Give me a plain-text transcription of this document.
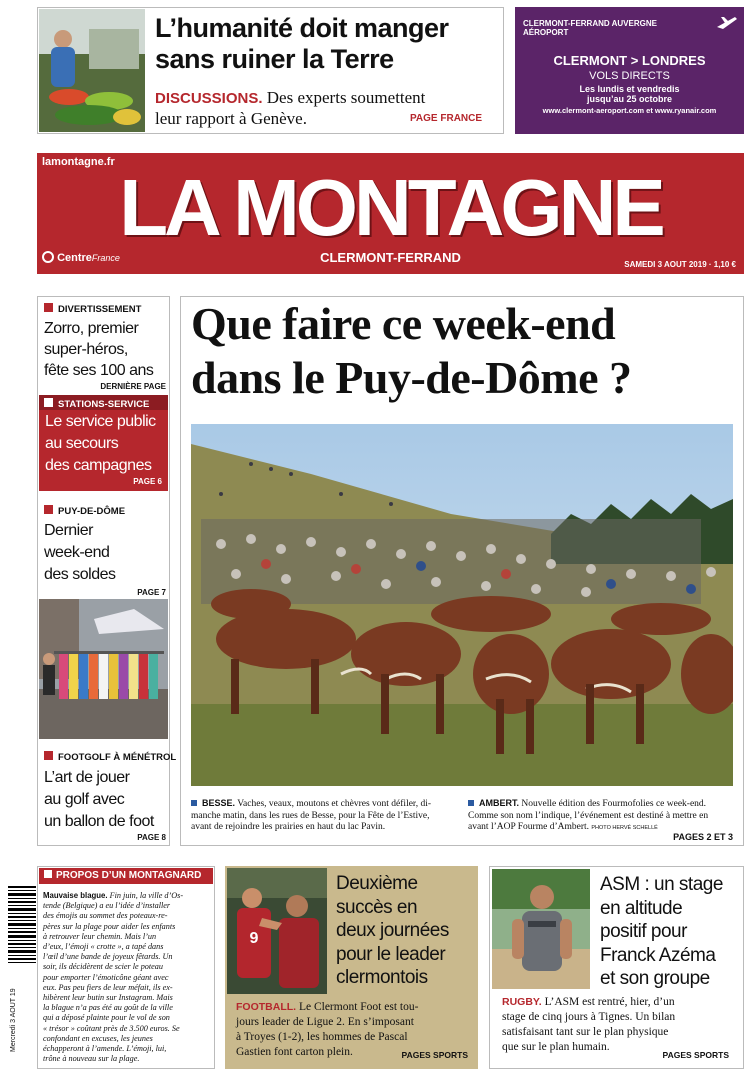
L’humanité doit manger
sans ruiner la Terre
DISCUSSIONS. Des experts soumettent
leur rapport à Genève.	PAGE FRANCE
CLERMONT-FERRAND AUVERGNE
AÉROPORT
CLERMONT > LONDRES
VOLS DIRECTS
Les lundis et vendredis
jusqu’au 25 octobre
www.clermont-aeroport.com et www.ryanair.com
lamontagne.fr
LA MONTAGNE
CentreFrance	CLERMONT-FERRAND	SAMEDI 3 AOUT 2019 · 1,10 €
DIVERTISSEMENT
Zorro, premier
super-héros,
fête ses 100 ans
DERNIÈRE PAGE
STATIONS-SERVICE
Le service public
au secours
des campagnes
PAGE 6
PUY-DE-DÔME
Dernier
week-end
des soldes
PAGE 7
FOOTGOLF À MÉNÉTROL
L’art de jouer
au golf avec
un ballon de foot
PAGE 8
Que faire ce week-end
dans le Puy-de-Dôme ?
BESSE. Vaches, veaux, moutons et chèvres vont défiler, di-
manche matin, dans les rues de Besse, pour la Fête de l’Estive,
avant de rejoindre les prairies en haut du lac Pavin.
AMBERT. Nouvelle édition des Fourmofolies ce week-end.
Comme son nom l’indique, l’événement est destiné à mettre en
avant l’AOP Fourme d’Ambert. PHOTO HERVÉ SCHELLÉ
PAGES 2 ET 3
Mercredi 3 AOUT 19
PROPOS D’UN MONTAGNARD
Mauvaise blague. Fin juin, la ville d’Os-
tende (Belgique) a eu l’idée d’installer
des émojis au sommet des poteaux-re-
pères sur la plage pour aider les enfants
à retrouver leur chemin. Mais l’un
d’eux, l’émoji « crotte », a tapé dans
l’œil d’une bande de joyeux fêtards. Un
soir, ils décidèrent de scier le poteau
pour emporter l’émoticône géant avec
eux. Pas peu fiers de leur méfait, ils ex-
hibèrent leur butin sur Instagram. Mais
la blague n’a pas été au goût de la ville
qui a déposé plainte pour le vol de son
« trésor » coûtant près de 3.500 euros. Se
confondant en excuses, les jeunes
échapperont à l’amende. L’émoji, lui,
trône à nouveau sur la plage.
9
Deuxième
succès en
deux journées
pour le leader
clermontois
FOOTBALL. Le Clermont Foot est tou-
jours leader de Ligue 2. En s’imposant
à Troyes (1-2), les hommes de Pascal
Gastien font carton plein.	PAGES SPORTS
ASM : un stage
en altitude
positif pour
Franck Azéma
et son groupe
RUGBY. L’ASM est rentré, hier, d’un
stage de cinq jours à Tignes. Un bilan
satisfaisant tant sur le plan physique
que sur le plan humain.
PAGES SPORTS
